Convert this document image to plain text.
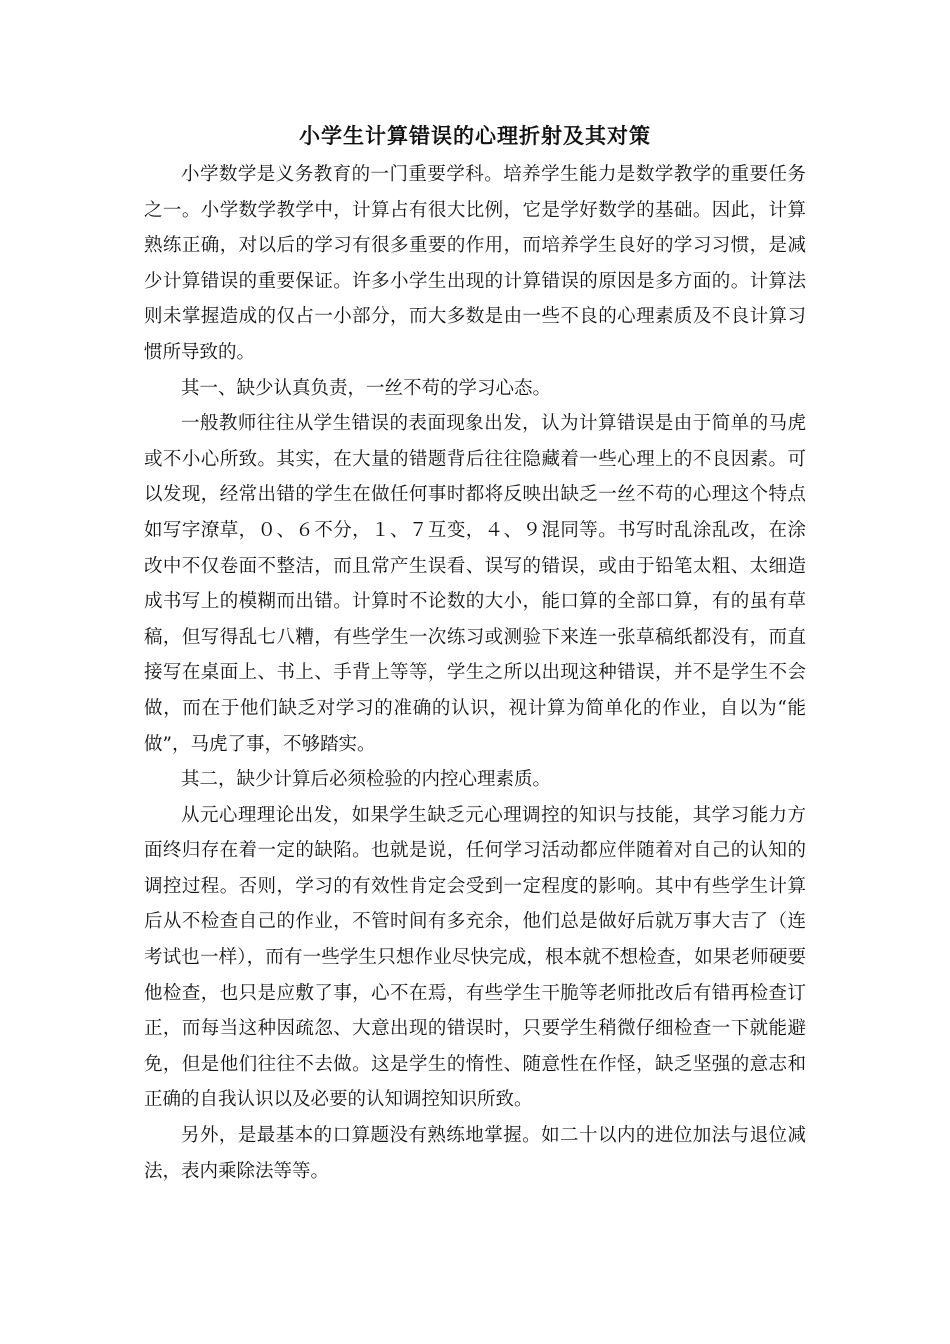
小学生计算错误的心理折射及其对策

小学数学是义务教育的一门重要学科。培养学生能力是数学教学的重要任务之一。小学数学教学中，计算占有很大比例，它是学好数学的基础。因此，计算熟练正确，对以后的学习有很多重要的作用，而培养学生良好的学习习惯，是减少计算错误的重要保证。许多小学生出现的计算错误的原因是多方面的。计算法则未掌握造成的仅占一小部分，而大多数是由一些不良的心理素质及不良计算习惯所导致的。

其一、缺少认真负责，一丝不苟的学习心态。

一般教师往往从学生错误的表面现象出发，认为计算错误是由于简单的马虎或不小心所致。其实，在大量的错题背后往往隐藏着一些心理上的不良因素。可以发现，经常出错的学生在做任何事时都将反映出缺乏一丝不苟的心理这个特点如写字潦草，０、６不分，１、７互变，４、９混同等。书写时乱涂乱改，在涂改中不仅卷面不整洁，而且常产生误看、误写的错误，或由于铅笔太粗、太细造成书写上的模糊而出错。计算时不论数的大小，能口算的全部口算，有的虽有草稿，但写得乱七八糟，有些学生一次练习或测验下来连一张草稿纸都没有，而直接写在桌面上、书上、手背上等等，学生之所以出现这种错误，并不是学生不会做，而在于他们缺乏对学习的准确的认识，视计算为简单化的作业，自以为“能做”，马虎了事，不够踏实。

其二，缺少计算后必须检验的内控心理素质。

从元心理理论出发，如果学生缺乏元心理调控的知识与技能，其学习能力方面终归存在着一定的缺陷。也就是说，任何学习活动都应伴随着对自己的认知的调控过程。否则，学习的有效性肯定会受到一定程度的影响。其中有些学生计算后从不检查自己的作业，不管时间有多充余，他们总是做好后就万事大吉了（连考试也一样），而有一些学生只想作业尽快完成，根本就不想检查，如果老师硬要他检查，也只是应敷了事，心不在焉，有些学生干脆等老师批改后有错再检查订正，而每当这种因疏忽、大意出现的错误时，只要学生稍微仔细检查一下就能避免，但是他们往往不去做。这是学生的惰性、随意性在作怪，缺乏坚强的意志和正确的自我认识以及必要的认知调控知识所致。

另外，是最基本的口算题没有熟练地掌握。如二十以内的进位加法与退位减法，表内乘除法等等。
